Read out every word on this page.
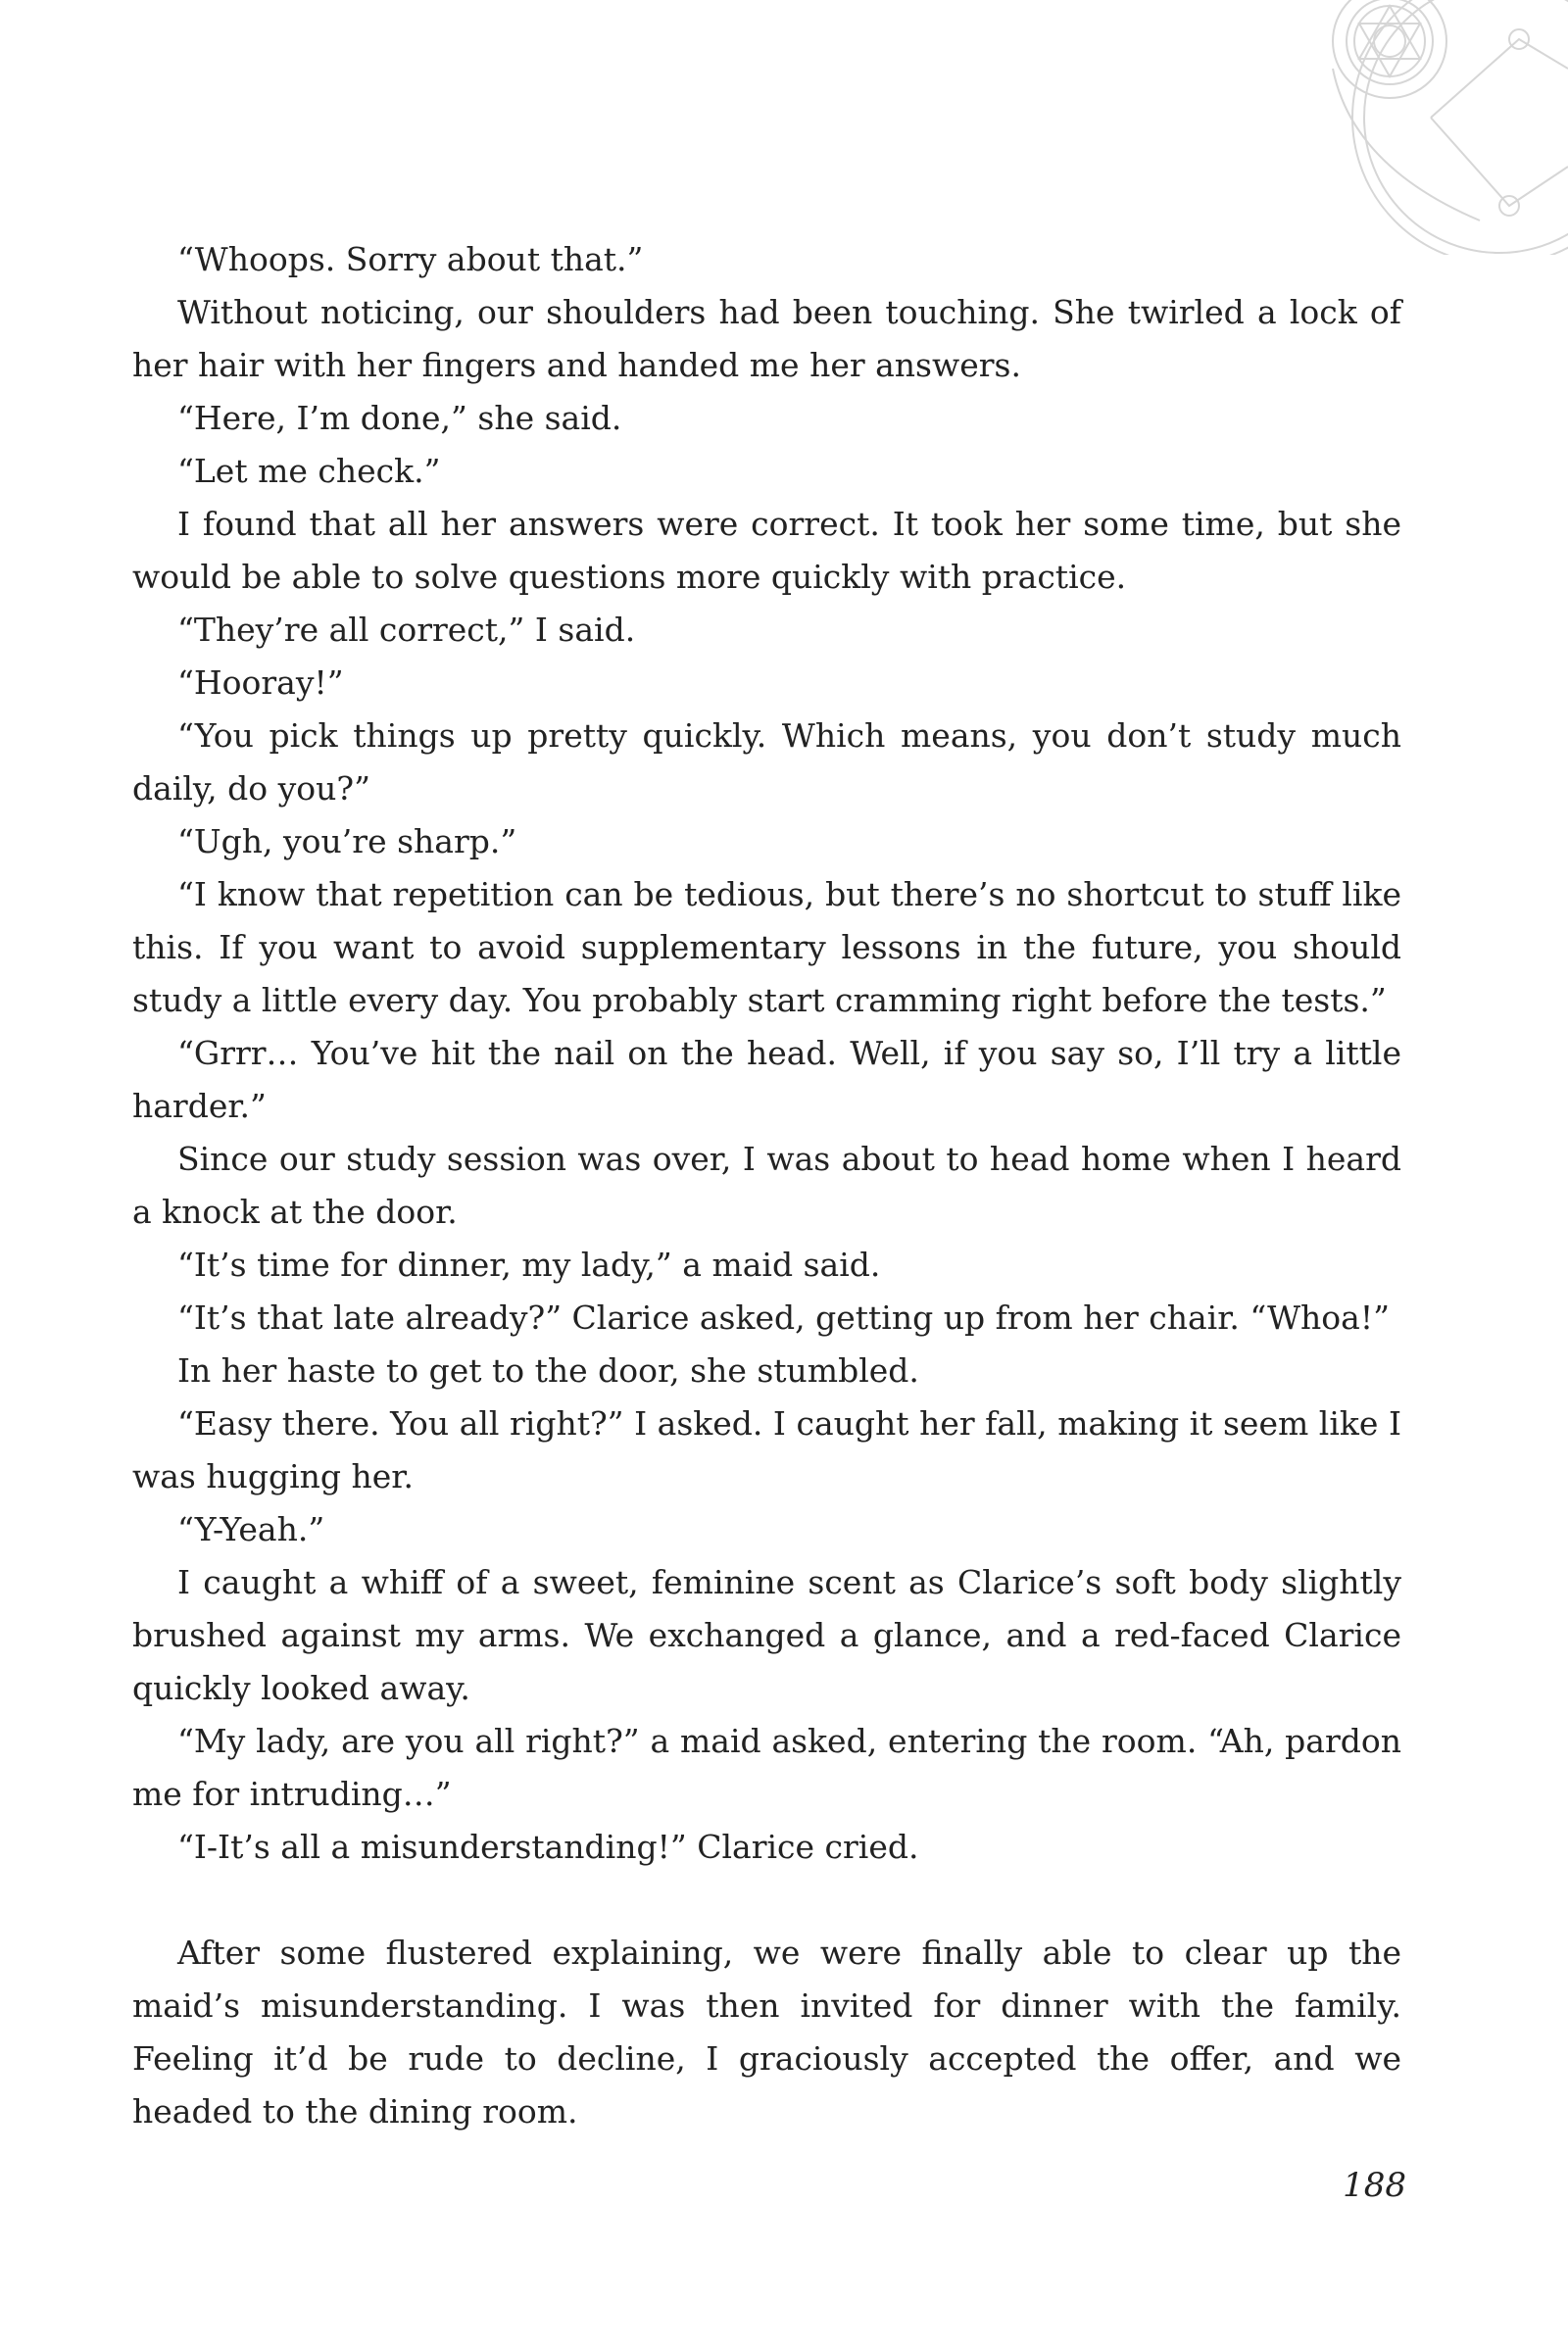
“Whoops. Sorry about that.”

Without noticing, our shoulders had been touching. She twirled a lock of her hair with her fingers and handed me her answers.

“Here, I’m done,” she said.

“Let me check.”

I found that all her answers were correct. It took her some time, but she would be able to solve questions more quickly with practice.

“They’re all correct,” I said.

“Hooray!”

“You pick things up pretty quickly. Which means, you don’t study much daily, do you?”

“Ugh, you’re sharp.”

“I know that repetition can be tedious, but there’s no shortcut to stuff like this. If you want to avoid supplementary lessons in the future, you should study a little every day. You probably start cramming right before the tests.”

“Grrr… You’ve hit the nail on the head. Well, if you say so, I’ll try a little harder.”

Since our study session was over, I was about to head home when I heard a knock at the door.

“It’s time for dinner, my lady,” a maid said.

“It’s that late already?” Clarice asked, getting up from her chair. “Whoa!”

In her haste to get to the door, she stumbled.

“Easy there. You all right?” I asked. I caught her fall, making it seem like I was hugging her.

“Y-Yeah.”

I caught a whiff of a sweet, feminine scent as Clarice’s soft body slightly brushed against my arms. We exchanged a glance, and a red-faced Clarice quickly looked away.

“My lady, are you all right?” a maid asked, entering the room. “Ah, pardon me for intruding…”

“I-It’s all a misunderstanding!” Clarice cried.

After some flustered explaining, we were finally able to clear up the maid’s misunderstanding. I was then invited for dinner with the family. Feeling it’d be rude to decline, I graciously accepted the offer, and we headed to the dining room.

188
